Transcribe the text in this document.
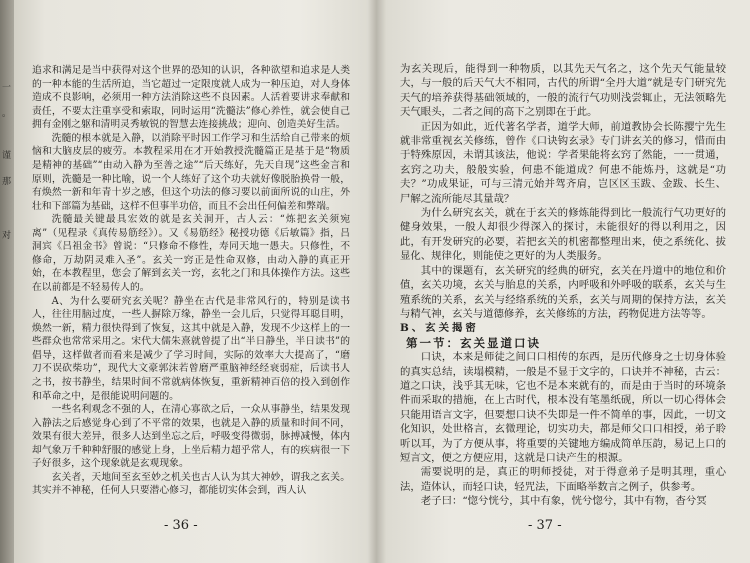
一
。
谨
那
对

追求和满足是当中获得对这个世界的恐知的认识，各种欲望和追求是人类的一种本能的生活所迫，当它超过一定限度就人成为一种压迫，对人身体造成不良影响，必须用一种方法消除这些不良因素。人活着要讲求奉献和责任，不要太注重享受和索取，同时运用“洗髓法”修心养性，就会使自己拥有金刚之躯和清明灵秀敏锐的智慧去连接挑战；迎向、创造美好生活。

洗髓的根本就是入静，以消除平时因工作学习和生活给自己带来的烦恼和大脑皮层的疲劳。本教程采用在才开始教授洗髓篇正是基于是“物质是精神的基础”“由动入静为至善之途”“后天练好，先天自现”这些金言和原则，洗髓是一种比喻，说一个人练好了这个功夫就好像脱胎换骨一般，有焕然一新和年青十岁之感，但这个功法的修习要以前面所说的山庄，外壮和下部篇为基础，这样不但事半功倍，而且不会出任何偏差和弊端。

洗髓最关键最具宏效的就是玄关洞开，古人云：“炼把玄关须宛离”（见程录《真传易筋经》）。又《易筋经》秘授功德《后敏篇》指，吕洞宾《吕祖金书》曾说：“只修命不修性，寿同天地一愚夫。只修性，不修命，万劫阴灵难入圣”。玄关一窍正是性命双修，由动入静的真正开始，在本教程里，您会了解到玄关一窍，玄牝之门和具体操作方法。这些在以前都是不轻易传人的。

A、为什么要研究玄关呢？静坐在古代是非常风行的，特别是读书人，往往用脑过度，一些人摒除万缘，静坐一会儿后，只觉得耳聪目明，焕然一新，精力很快得到了恢复，这其中就是入静，发现不少这样上的一些群众也常常采用之。宋代大儒朱熹就曾提了出“半日静坐，半日读书”的倡导，这样做者而看来是减少了学习时间，实际的效率大大提高了，“磨刀不误砍柴功”，现代大文豪郭沫若曾磨严重脑神经经衰弱症，后读书人之书，按书静坐，结果时间不常就病体恢复，重新精神百倍的投入到创作和革命之中，是很能说明问题的。

一些名利观念不强的人，在清心寡欲之后，一众从事静坐，结果发现入静法之后感觉身心到了不平常的效果，也就是入静的质量和时间不同，效果有很大差异，很多人达到坐忘之后，呼吸变得微弱，脉搏减慢，体内却气象万千种种舒服的感觉上身，上坐后精力超乎常人，有的疾病很一下子好很多，这个现象就是玄观现象。

玄关者，天地间至玄至妙之机关也古人认为其大神妙，谓我之玄关。其实并不神秘，任何人只要潜心修习，都能切实体会到，西人认

- 36 -

为玄关现后，能得到一种物质，以其先天气名之，这个先天气能量较大，与一般的后天气大不相同，古代的所谓“全丹大道”就是专门研究先天气的培养获得基础领域的，一般的流行气功则浅尝辄止，无法领略先天气眼头，二者之间的高下之别即在于此。

正因为如此，近代著名学者，道学大师，前道教协会长陈撄宁先生就非常重视玄关修练，曾作《口诀钩玄录》专门讲玄关的修习，惜而由于特殊原因，未谓其该法，他说：学者果能将玄窍了然能，一一贯通，玄窍之功夫，般般实验，何患不能道成？何患不能炼丹，这就是“功夫？”功成果证，可与三清元始并驾齐肩，岂区区玉跋、金跋、长生、尸解之流所能尽其量哉？

为什么研究玄关，就在于玄关的修炼能得到比一般流行气功更好的健身效果，一般人却很少得深入的探讨，未能很好的得以利用之，因此，有开发研究的必要，若把玄关的机密都整理出来，使之系统化、拔显化、规律化，则能使之更好的为人类服务。

其中的课题有，玄关研究的经典的研究，玄关在丹道中的地位和价值，玄关功境，玄关与胎息的关系，内呼吸和外呼吸的联系，玄关与生殖系统的关系，玄关与经络系统的关系，玄关与周期的保持方法，玄关与精气神，玄关与道德修养，玄关修练的方法，药物促进方法等等。

B、玄关揭密

第一节：玄关显道口诀

口诀，本来是师徒之间口口相传的东西，是历代修身之士切身体验的真实总结，读塌模精，一般是不显于文字的，口诀并不神秘，古云：道之口诀，浅乎其无味，它也不是本来就有的，而是由于当时的环境条件而采取的措施，在上古时代，根本没有笔墨纸砚，所以一切心得体会只能用语言文字，但要想口诀不失即是一件不简单的事，因此，一切文化知识，处世格言，玄微理论，切实功夫，都是师父口口相授，弟子聆听以耳，为了方便从事，将重要的关键地方编成简单压韵，易记上口的短言文，便之方便应用，这就是口诀产生的根源。

需要说明的是，真正的明师授徒，对于得意弟子是明其理，重心法，造体认，而轻口诀，轻咒法，下面略举数言之例子，供参考。

老子曰：“惚兮恍兮，其中有象，恍兮惚兮，其中有物，杳兮冥

- 37 -
